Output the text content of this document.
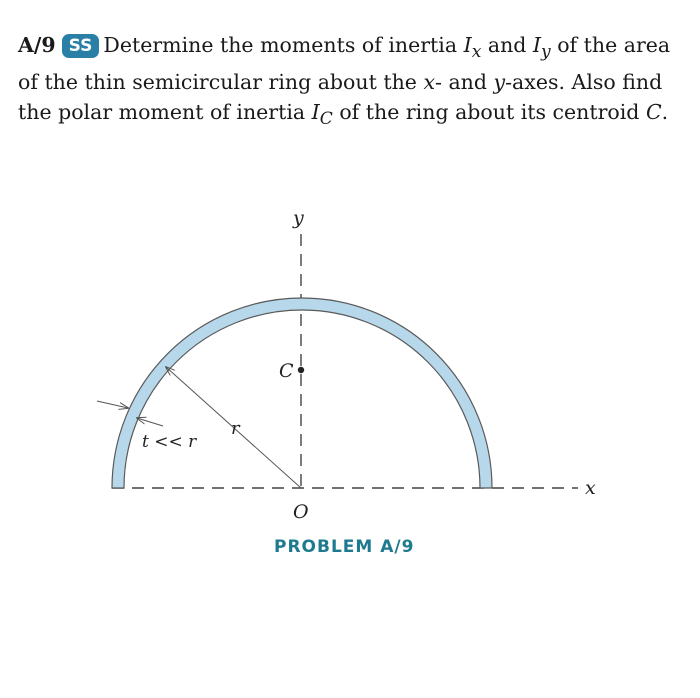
A/9 SS Determine the moments of inertia $I_x$ and $I_y$ of the area of the thin semicircular ring about the x- and y-axes. Also find the polar moment of inertia $I_C$ of the ring about its centroid C.
y
x
O
C
r
t << r
PROBLEM A/9
